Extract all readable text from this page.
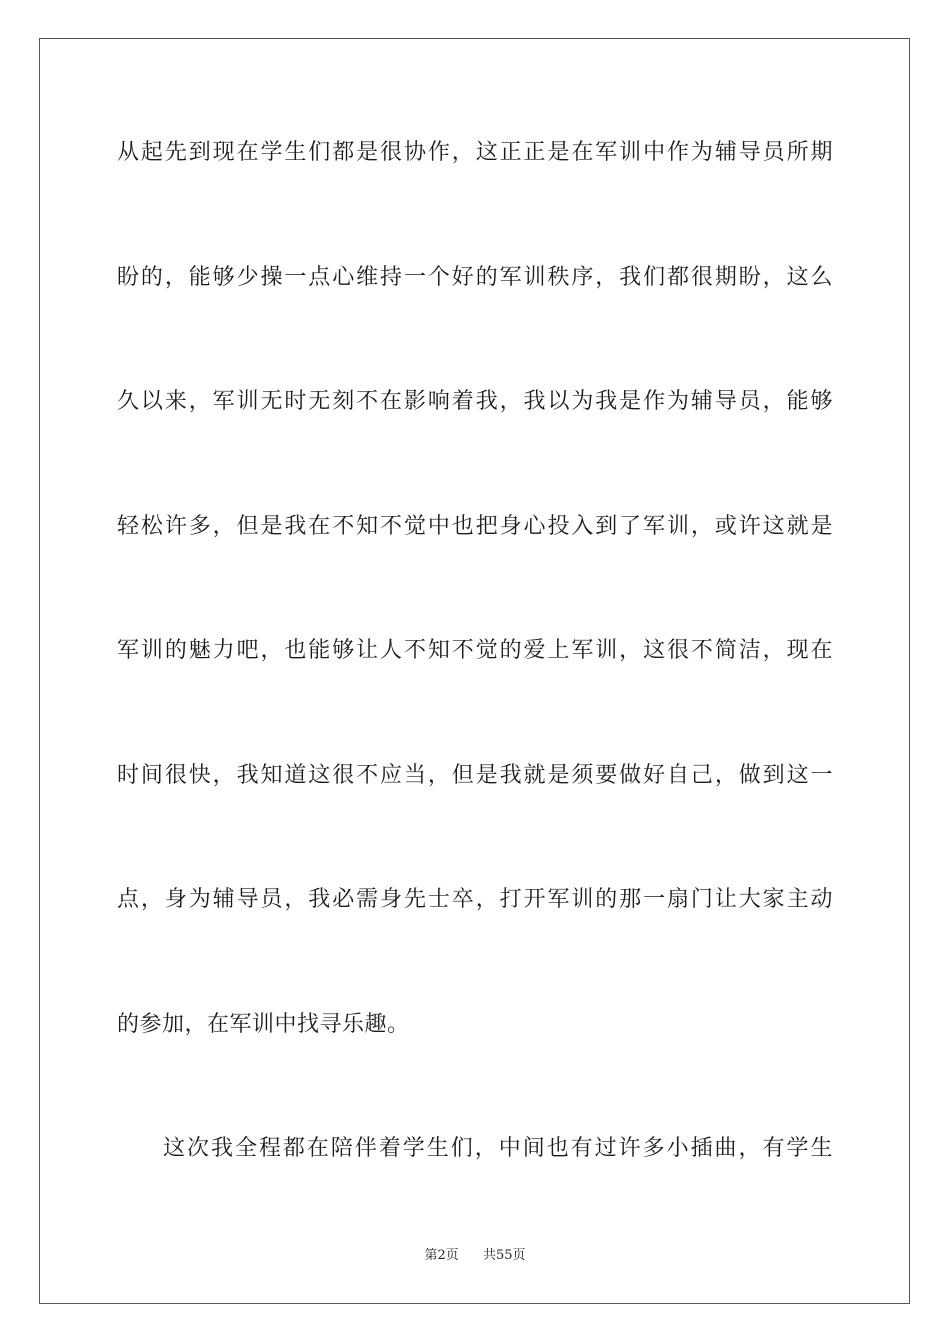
从起先到现在学生们都是很协作，这正正是在军训中作为辅导员所期
盼的，能够少操一点心维持一个好的军训秩序，我们都很期盼，这么
久以来，军训无时无刻不在影响着我，我以为我是作为辅导员，能够
轻松许多，但是我在不知不觉中也把身心投入到了军训，或许这就是
军训的魅力吧，也能够让人不知不觉的爱上军训，这很不简洁，现在
时间很快，我知道这很不应当，但是我就是须要做好自己，做到这一
点，身为辅导员，我必需身先士卒，打开军训的那一扇门让大家主动
的参加，在军训中找寻乐趣。
这次我全程都在陪伴着学生们，中间也有过许多小插曲，有学生
第2页 共55页
